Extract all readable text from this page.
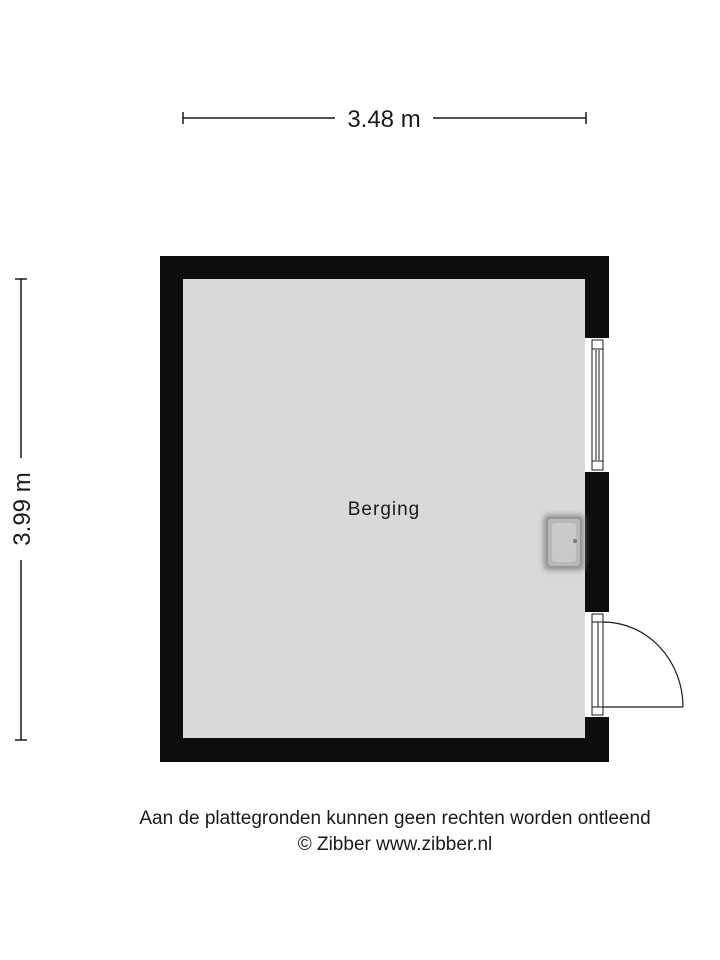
3.48 m
3.99 m	Berging
Aan de plattegronden kunnen geen rechten worden ontleend
© Zibber www.zibber.nl
